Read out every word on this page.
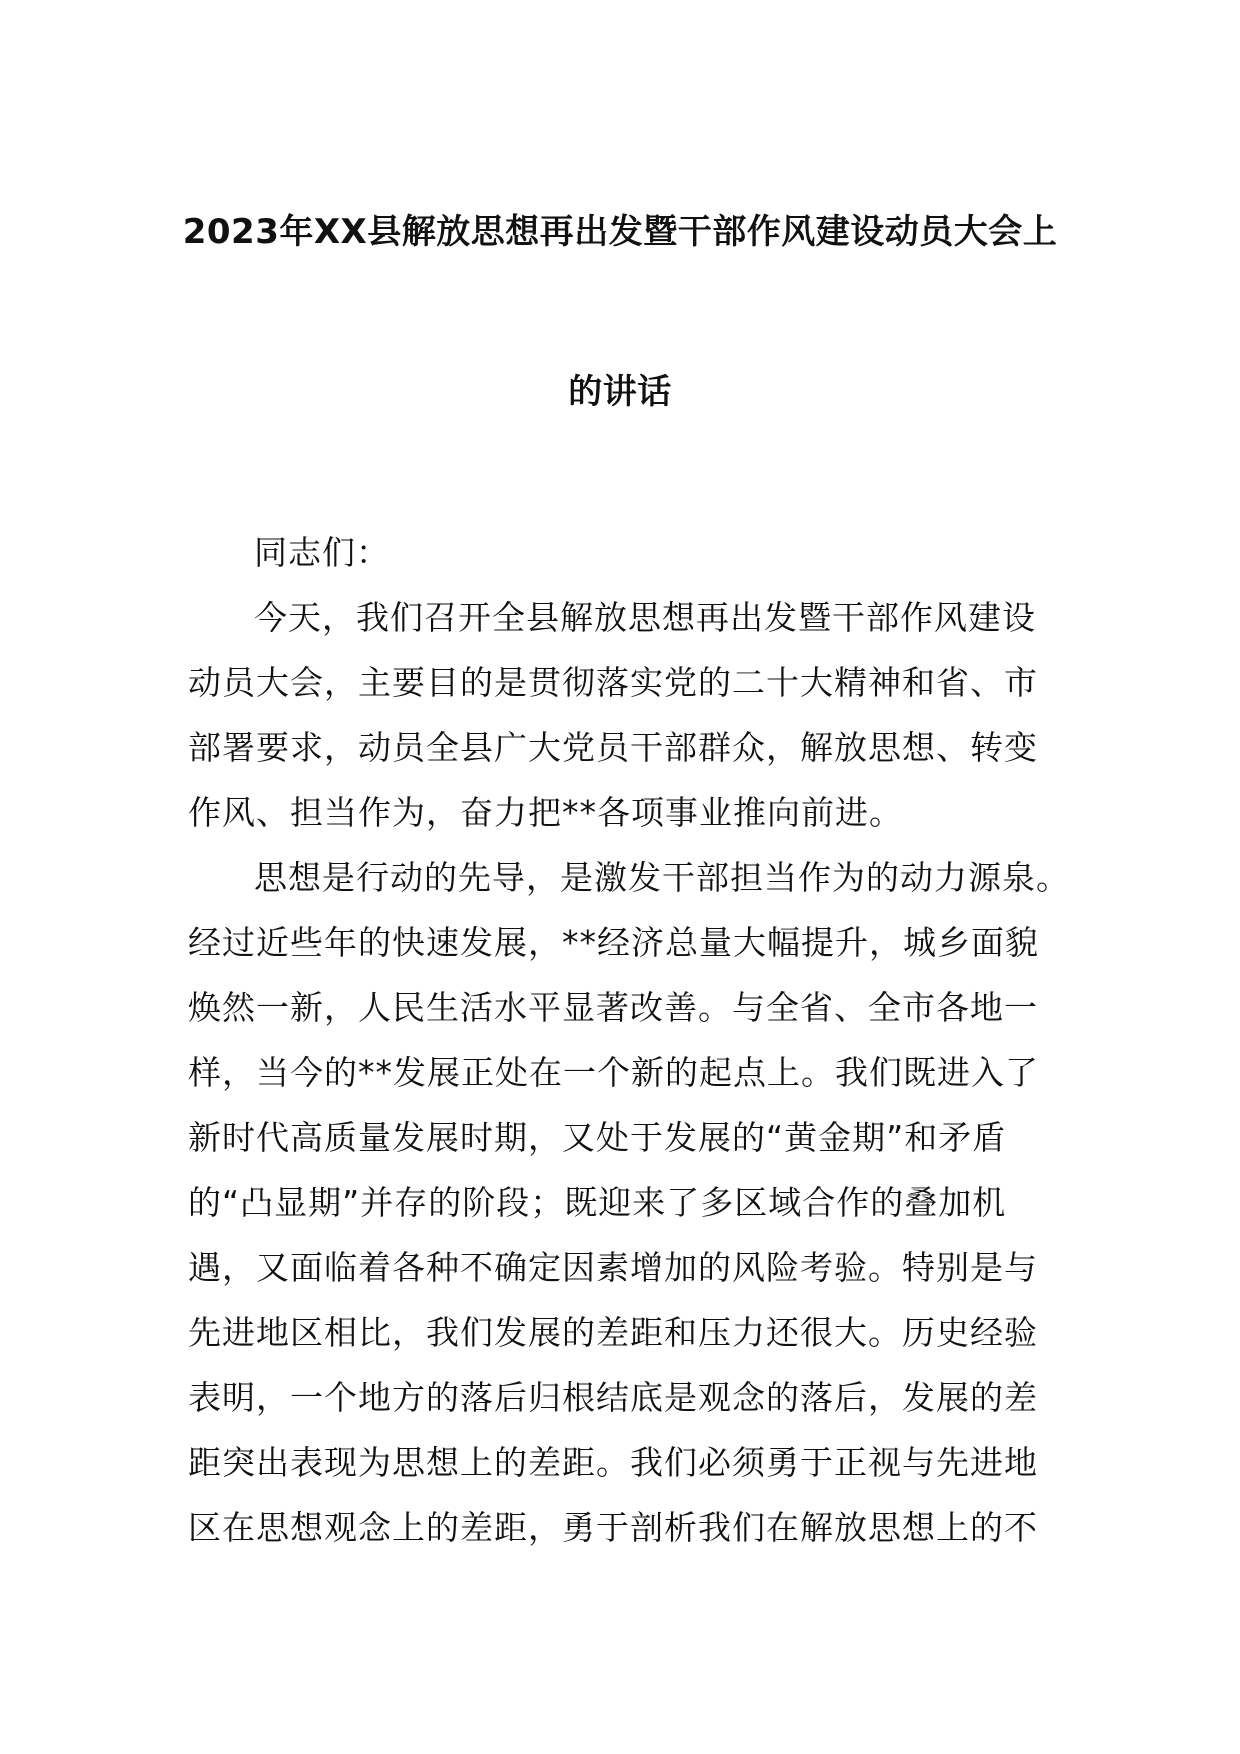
2023年XX县解放思想再出发暨干部作风建设动员大会上
的讲话
同志们：
今天，我们召开全县解放思想再出发暨干部作风建设
动员大会，主要目的是贯彻落实党的二十大精神和省、市
部署要求，动员全县广大党员干部群众，解放思想、转变
作风、担当作为，奋力把**各项事业推向前进。
思想是行动的先导，是激发干部担当作为的动力源泉。
经过近些年的快速发展，**经济总量大幅提升，城乡面貌
焕然一新，人民生活水平显著改善。与全省、全市各地一
样，当今的**发展正处在一个新的起点上。我们既进入了
新时代高质量发展时期，又处于发展的“黄金期”和矛盾
的“凸显期”并存的阶段；既迎来了多区域合作的叠加机
遇，又面临着各种不确定因素增加的风险考验。特别是与
先进地区相比，我们发展的差距和压力还很大。历史经验
表明，一个地方的落后归根结底是观念的落后，发展的差
距突出表现为思想上的差距。我们必须勇于正视与先进地
区在思想观念上的差距，勇于剖析我们在解放思想上的不
